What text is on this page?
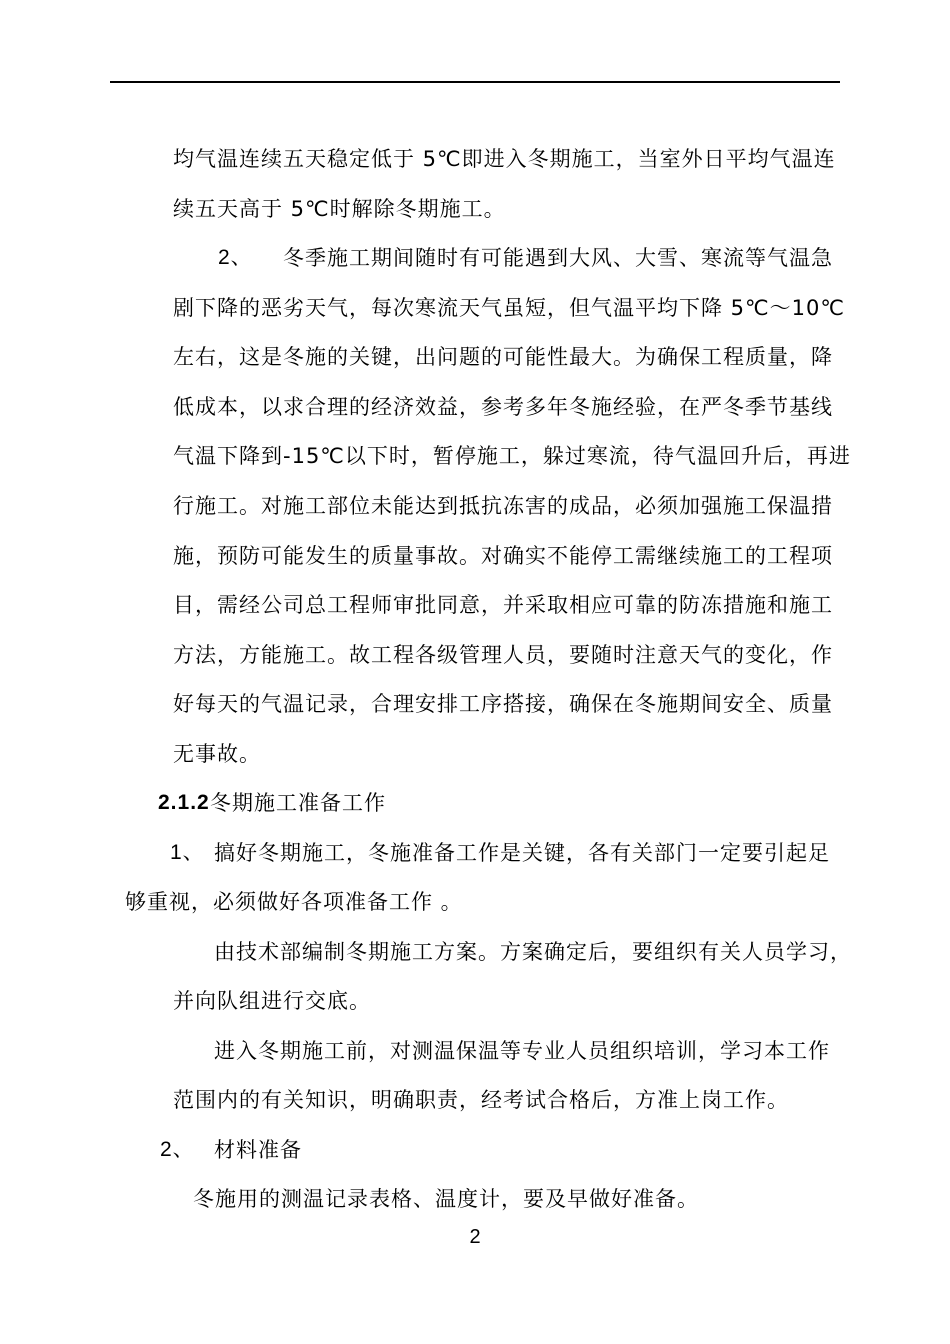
均气温连续五天稳定低于 5℃即进入冬期施工，当室外日平均气温连
续五天高于 5℃时解除冬期施工。
2、 冬季施工期间随时有可能遇到大风、大雪、寒流等气温急
剧下降的恶劣天气，每次寒流天气虽短，但气温平均下降 5℃～10℃
左右，这是冬施的关键，出问题的可能性最大。为确保工程质量，降
低成本，以求合理的经济效益，参考多年冬施经验，在严冬季节基线
气温下降到-15℃以下时，暂停施工，躲过寒流，待气温回升后，再进
行施工。对施工部位未能达到抵抗冻害的成品，必须加强施工保温措
施，预防可能发生的质量事故。对确实不能停工需继续施工的工程项
目，需经公司总工程师审批同意，并采取相应可靠的防冻措施和施工
方法，方能施工。故工程各级管理人员，要随时注意天气的变化，作
好每天的气温记录，合理安排工序搭接，确保在冬施期间安全、质量
无事故。
2.1.2 冬期施工准备工作
1、 搞好冬期施工，冬施准备工作是关键，各有关部门一定要引起足
够重视，必须做好各项准备工作 。
由技术部编制冬期施工方案。方案确定后，要组织有关人员学习，
并向队组进行交底。
进入冬期施工前，对测温保温等专业人员组织培训，学习本工作
范围内的有关知识，明确职责，经考试合格后，方准上岗工作。
2、 材料准备
冬施用的测温记录表格、温度计，要及早做好准备。
2
